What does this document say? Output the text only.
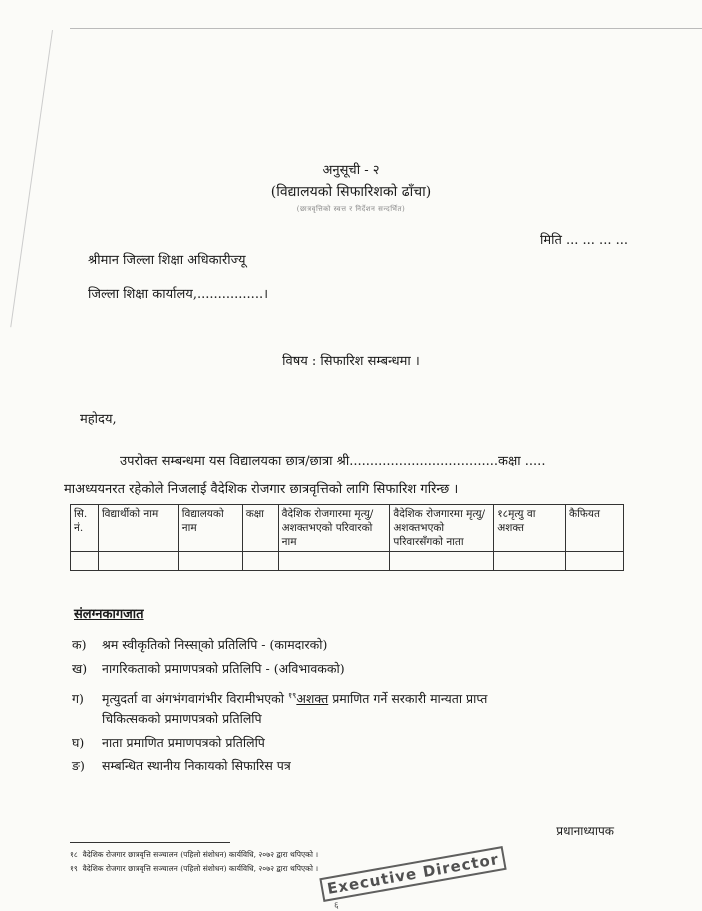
अनुसूची - २
(विद्यालयको सिफारिशको ढाँचा)
(छात्रवृत्तिको स्वत्त र निर्देशन सन्दर्भित)
मिति ... ... ... ...
श्रीमान जिल्ला शिक्षा अधिकारीज्यू
जिल्ला शिक्षा कार्यालय,................।
विषय : सिफारिश सम्बन्धमा ।
महोदय,
उपरोक्त सम्बन्धमा यस विद्यालयका छात्र/छात्रा श्री....................................कक्षा .....
माअध्ययनरत रहेकोले निजलाई वैदेशिक रोजगार छात्रवृत्तिको लागि सिफारिश गरिन्छ ।
सि. नं.	विद्यार्थीको नाम	विद्यालयको नाम	कक्षा	वैदेशिक रोजगारमा मृत्यु/अशक्तभएको परिवारको नाम	वैदेशिक रोजगारमा मृत्यु/अशक्तभएको परिवारसँगको नाता	१८मृत्यु वा अशक्त	कैफियत

संलग्नकागजात
क) श्रम स्वीकृतिको निस्सा्को प्रतिलिपि - (कामदारको)
ख) नागरिकताको प्रमाणपत्रको प्रतिलिपि - (अविभावकको)
ग) मृत्युदर्ता वा अंगभंगवागंभीर विरामीभएको $^{१९}$अशक्त प्रमाणित गर्ने सरकारी मान्यता प्राप्त
चिकित्सकको प्रमाणपत्रको प्रतिलिपि
घ) नाता प्रमाणित प्रमाणपत्रको प्रतिलिपि
ङ) सम्बन्धित स्थानीय निकायको सिफारिस पत्र
प्रधानाध्यापक
१८ वैदेशिक रोजगार छात्रवृत्ति सञ्चालन (पहिलो संशोधन) कार्यविधि, २०७२ द्वारा थपिएको ।
१९ वैदेशिक रोजगार छात्रवृत्ति सञ्चालन (पहिलो संशोधन) कार्यविधि, २०७२ द्वारा थपिएको । Executive Director
६
